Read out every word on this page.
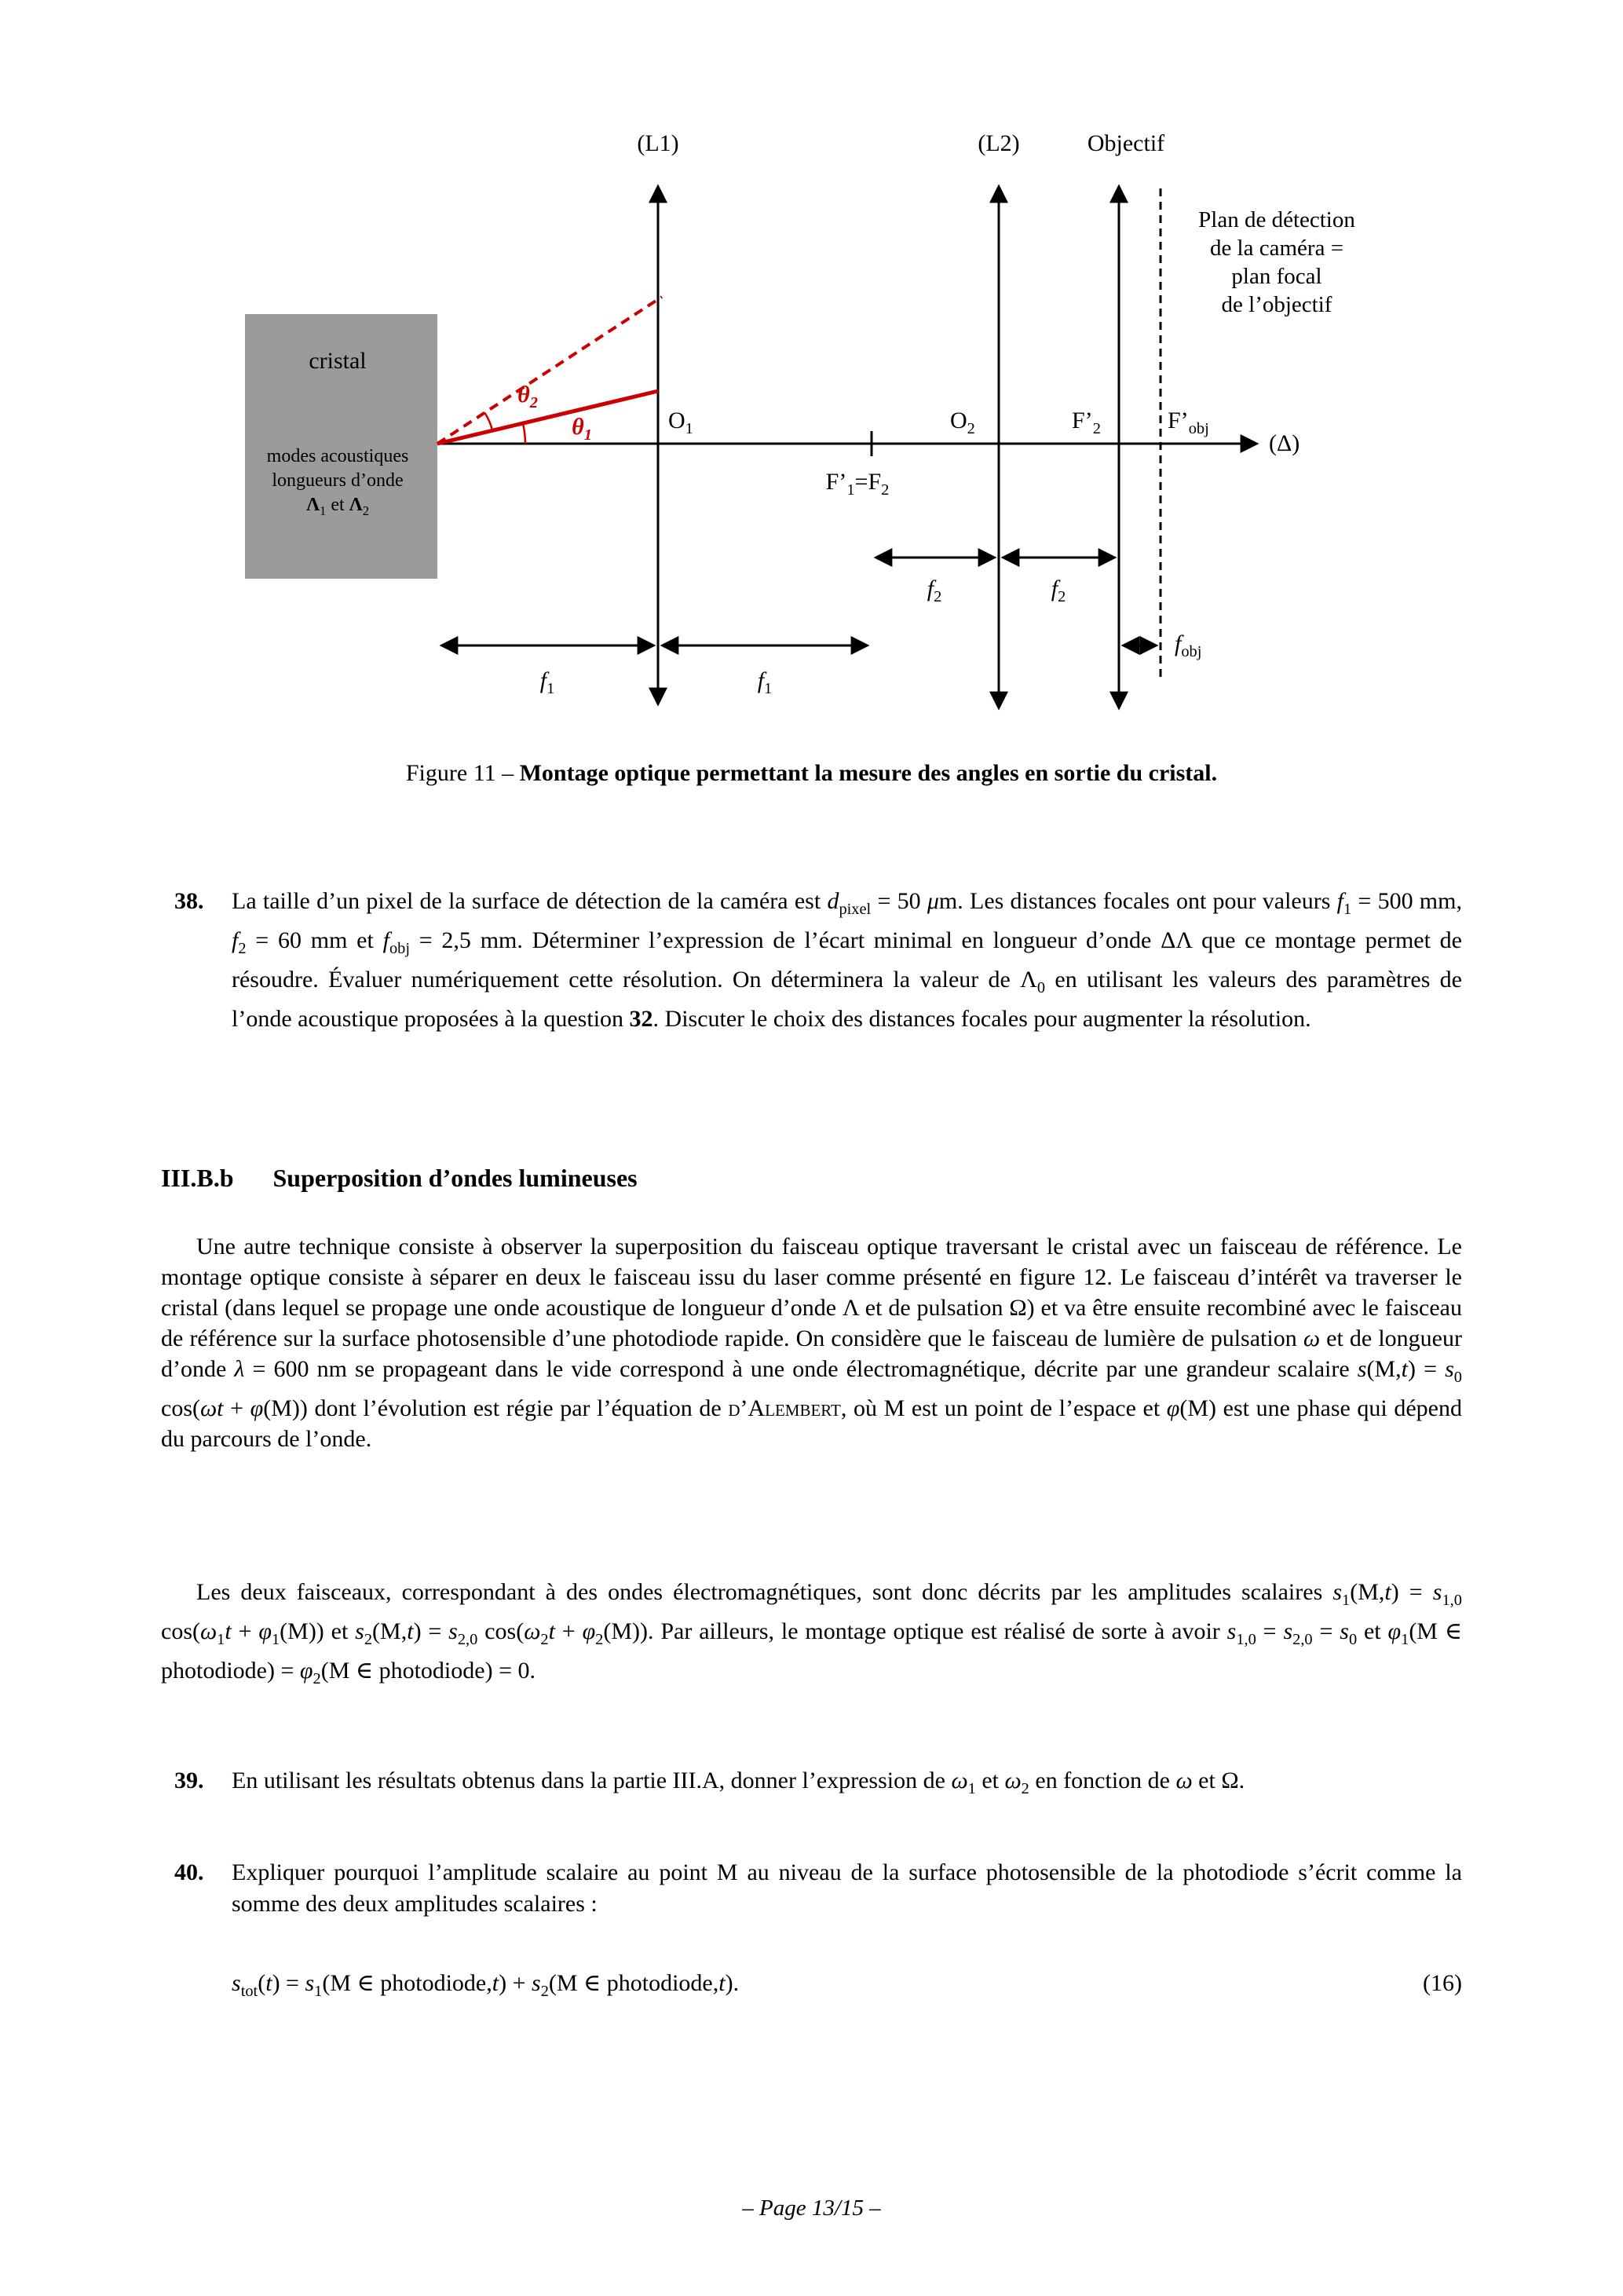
(L1)	(L2)	Objectif
Plan de détection
de la caméra =
plan focal
de l’objectif
cristal
modes acoustiques
longueurs d’onde
$\Lambda_1$ et $\Lambda_2$
$\theta_2$
$\theta_1$
$O_1$	$O_2$	$F’_2$	$F’_{obj}$
(Δ)
$F’_1=F_2$
$f_2$	$f_2$
$f_1$	$f_1$
$f_{obj}$
Figure 11 – Montage optique permettant la mesure des angles en sortie du cristal.
38.	La taille d’un pixel de la surface de détection de la caméra est $d_{pixel} = 50$ μm. Les distances focales ont pour valeurs $f_1 = 500$ mm, $f_2 = 60$ mm et $f_{obj} = 2,5$ mm. Déterminer l’expression de l’écart minimal en longueur d’onde ΔΛ que ce montage permet de résoudre. Évaluer numériquement cette résolution. On déterminera la valeur de $\Lambda_0$ en utilisant les valeurs des paramètres de l’onde acoustique proposées à la question 32. Discuter le choix des distances focales pour augmenter la résolution.
III.B.b Superposition d’ondes lumineuses
Une autre technique consiste à observer la superposition du faisceau optique traversant le cristal avec un faisceau de référence. Le montage optique consiste à séparer en deux le faisceau issu du laser comme présenté en figure 12. Le faisceau d’intérêt va traverser le cristal (dans lequel se propage une onde acoustique de longueur d’onde Λ et de pulsation Ω) et va être ensuite recombiné avec le faisceau de référence sur la surface photosensible d’une photodiode rapide. On considère que le faisceau de lumière de pulsation ω et de longueur d’onde λ = 600 nm se propageant dans le vide correspond à une onde électromagnétique, décrite par une grandeur scalaire $s(M,t) = s_0$ cos(ωt + φ(M)) dont l’évolution est régie par l’équation de d’Alembert, où M est un point de l’espace et φ(M) est une phase qui dépend du parcours de l’onde.
Les deux faisceaux, correspondant à des ondes électromagnétiques, sont donc décrits par les amplitudes scalaires $s_1(M,t) = s_{1,0}$ $\cos(\omega_1t + \varphi_1(M))$ et $s_2(M,t) = s_{2,0}$ $\cos(\omega_2t + \varphi_2(M))$. Par ailleurs, le montage optique est réalisé de sorte à avoir $s_{1,0} = s_{2,0} = s_0$ et $\varphi_1(M$ ∈ photodiode) = $\varphi_2(M$ ∈ photodiode) = 0.
39.	En utilisant les résultats obtenus dans la partie III.A, donner l’expression de $\omega_1$ et $\omega_2$ en fonction de ω et Ω.
40.	Expliquer pourquoi l’amplitude scalaire au point M au niveau de la surface photosensible de la photodiode s’écrit comme la somme des deux amplitudes scalaires :
$s_{tot}(t) = s_1(M$ ∈ photodiode,t) + $s_2(M$ ∈ photodiode,t).	(16)
– Page 13/15 –
